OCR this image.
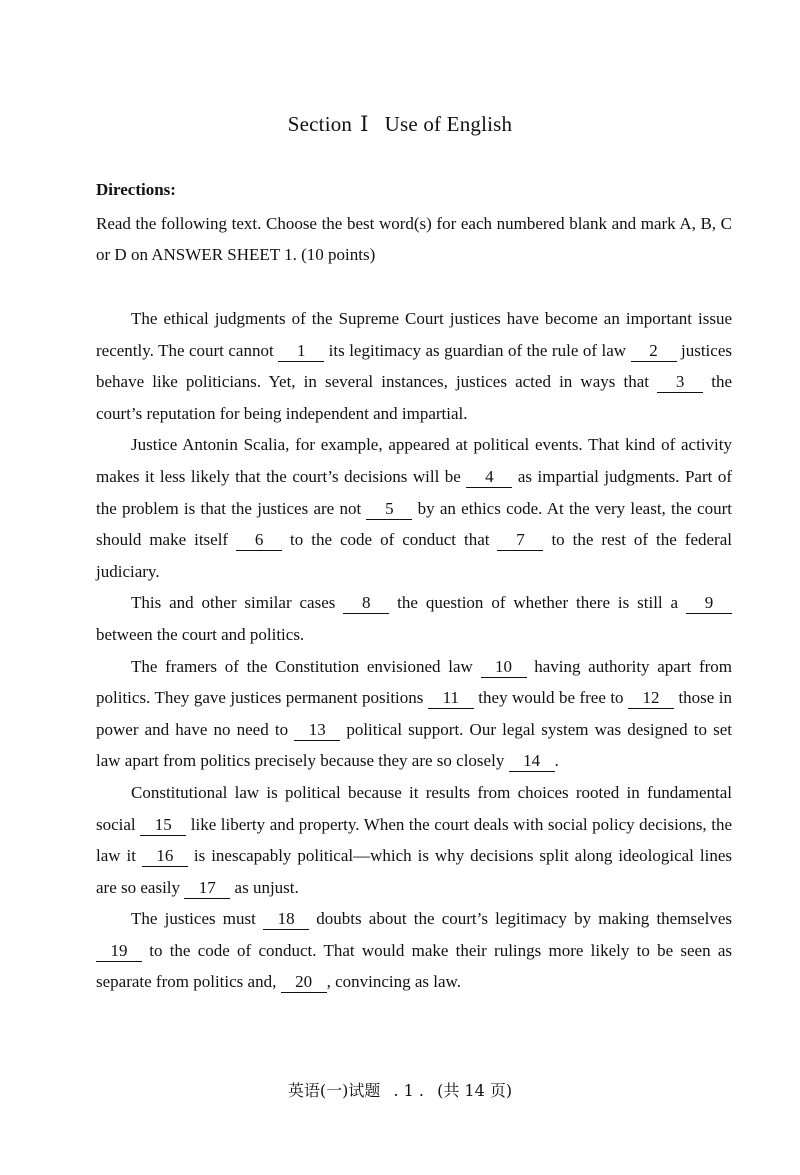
Section Ⅰ Use of English
Directions:
Read the following text. Choose the best word(s) for each numbered blank and mark A, B, C or D on ANSWER SHEET 1. (10 points)

The ethical judgments of the Supreme Court justices have become an important issue recently. The court cannot 1 its legitimacy as guardian of the rule of law 2 justices behave like politicians. Yet, in several instances, justices acted in ways that 3 the court’s reputation for being independent and impartial.

Justice Antonin Scalia, for example, appeared at political events. That kind of activity makes it less likely that the court’s decisions will be 4 as impartial judgments. Part of the problem is that the justices are not 5 by an ethics code. At the very least, the court should make itself 6 to the code of conduct that 7 to the rest of the federal judiciary.

This and other similar cases 8 the question of whether there is still a 9 between the court and politics.

The framers of the Constitution envisioned law 10 having authority apart from politics. They gave justices permanent positions 11 they would be free to 12 those in power and have no need to 13 political support. Our legal system was designed to set law apart from politics precisely because they are so closely 14 .

Constitutional law is political because it results from choices rooted in fundamental social 15 like liberty and property. When the court deals with social policy decisions, the law it 16 is inescapably political—which is why decisions split along ideological lines are so easily 17 as unjust.

The justices must 18 doubts about the court’s legitimacy by making themselves 19 to the code of conduct. That would make their rulings more likely to be seen as separate from politics and, 20 , convincing as law.

英语(一)试题 . 1 . (共 14 页)
